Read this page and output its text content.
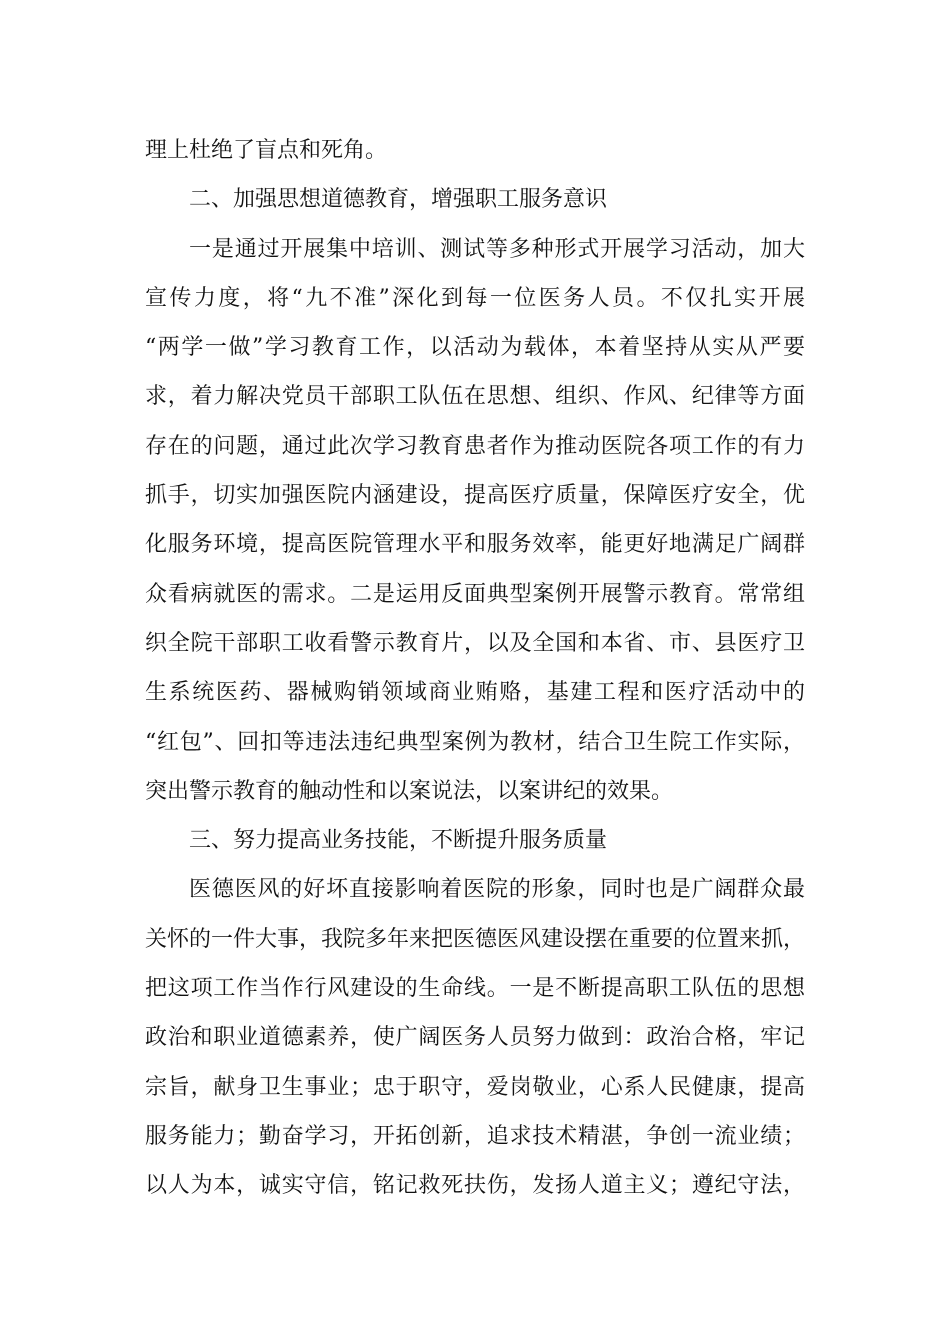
理上杜绝了盲点和死角。

二、加强思想道德教育，增强职工服务意识

一是通过开展集中培训、测试等多种形式开展学习活动，加大

宣传力度，将“九不准”深化到每一位医务人员。不仅扎实开展

“两学一做”学习教育工作，以活动为载体，本着坚持从实从严要

求，着力解决党员干部职工队伍在思想、组织、作风、纪律等方面

存在的问题，通过此次学习教育患者作为推动医院各项工作的有力

抓手，切实加强医院内涵建设，提高医疗质量，保障医疗安全，优

化服务环境，提高医院管理水平和服务效率，能更好地满足广阔群

众看病就医的需求。二是运用反面典型案例开展警示教育。常常组

织全院干部职工收看警示教育片，以及全国和本省、市、县医疗卫

生系统医药、器械购销领域商业贿赂，基建工程和医疗活动中的

“红包”、回扣等违法违纪典型案例为教材，结合卫生院工作实际，

突出警示教育的触动性和以案说法，以案讲纪的效果。

三、努力提高业务技能，不断提升服务质量

医德医风的好坏直接影响着医院的形象，同时也是广阔群众最

关怀的一件大事，我院多年来把医德医风建设摆在重要的位置来抓，

把这项工作当作行风建设的生命线。一是不断提高职工队伍的思想

政治和职业道德素养，使广阔医务人员努力做到：政治合格，牢记

宗旨，献身卫生事业；忠于职守，爱岗敬业，心系人民健康，提高

服务能力；勤奋学习，开拓创新，追求技术精湛，争创一流业绩；

以人为本，诚实守信，铭记救死扶伤，发扬人道主义；遵纪守法，
